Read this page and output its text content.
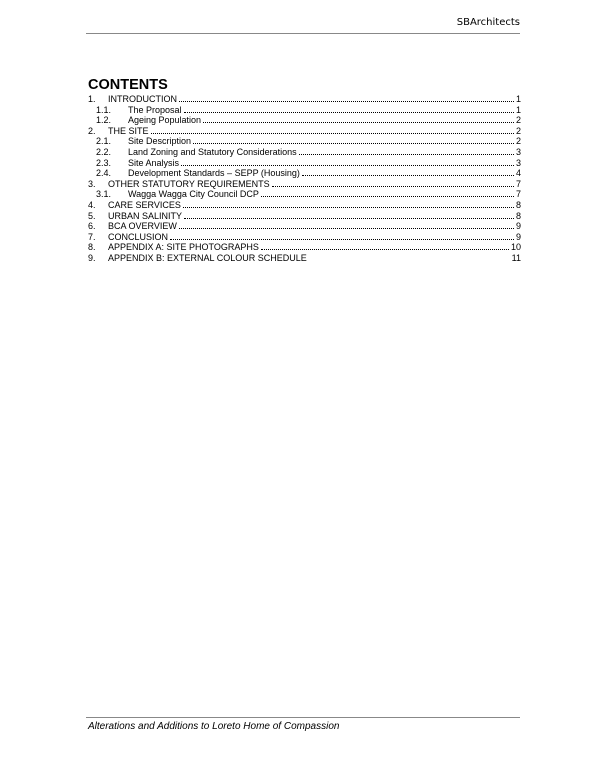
SBArchitects
CONTENTS
1.	INTRODUCTION	1
1.1.	The Proposal	1
1.2.	Ageing Population	2
2.	THE SITE	2
2.1.	Site Description	2
2.2.	Land Zoning and Statutory Considerations	3
2.3.	Site Analysis	3
2.4.	Development Standards – SEPP (Housing)	4
3.	OTHER STATUTORY REQUIREMENTS	7
3.1.	Wagga Wagga City Council DCP	7
4.	CARE SERVICES	8
5.	URBAN SALINITY	8
6.	BCA OVERVIEW	9
7.	CONCLUSION	9
8.	APPENDIX A: SITE PHOTOGRAPHS	10
9.	APPENDIX B: EXTERNAL COLOUR SCHEDULE	11
Alterations and Additions to Loreto Home of Compassion
